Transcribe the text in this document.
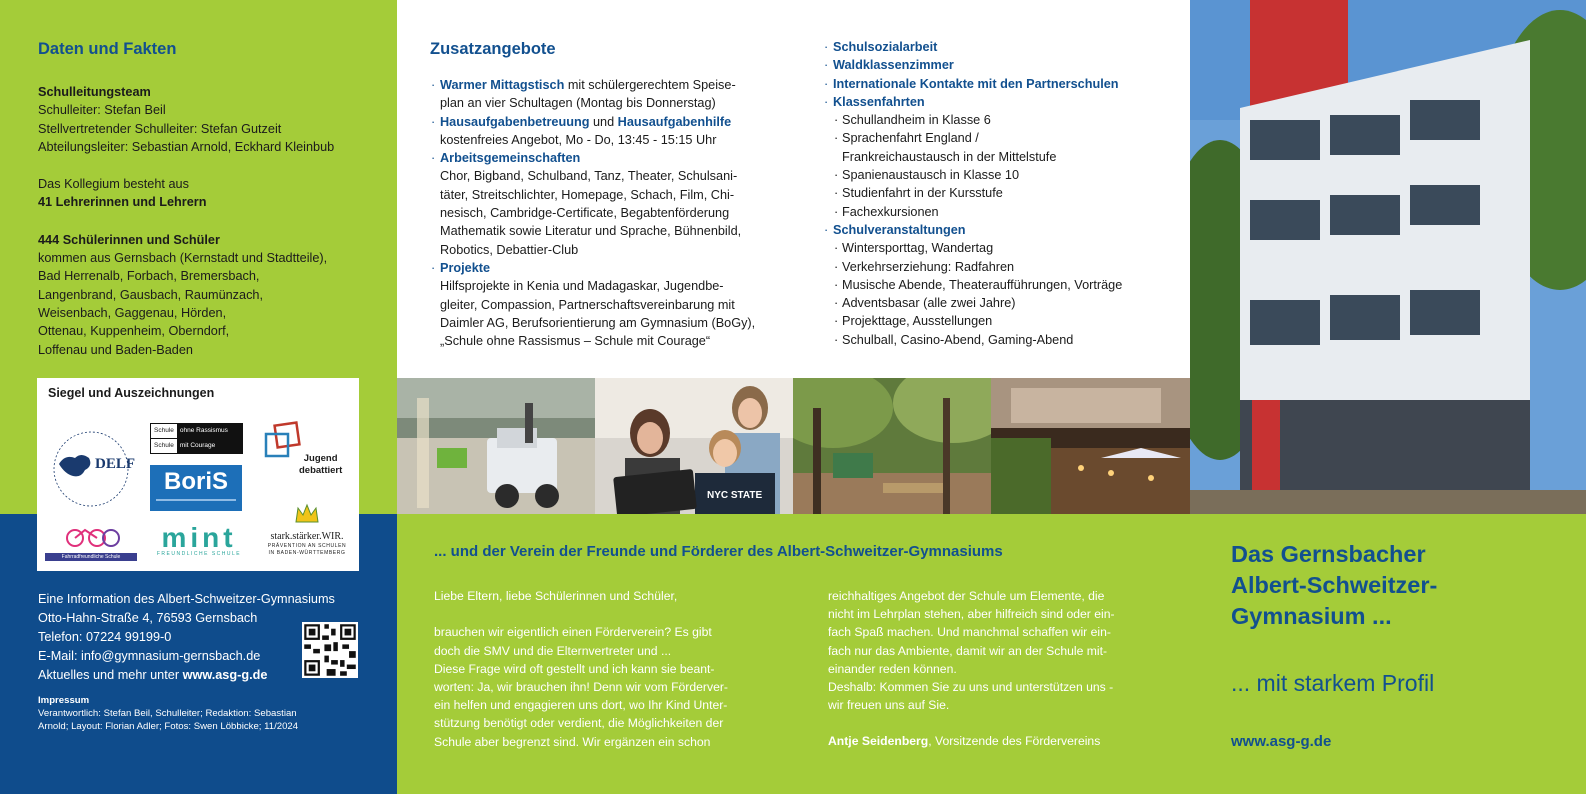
Daten und Fakten

Schulleitungsteam

Schulleiter: Stefan Beil

Stellvertretender Schulleiter: Stefan Gutzeit

Abteilungsleiter: Sebastian Arnold, Eckhard Kleinbub

Das Kollegium besteht aus

41 Lehrerinnen und Lehrern

444 Schülerinnen und Schüler

kommen aus Gernsbach (Kernstadt und Stadtteile),

Bad Herrenalb, Forbach, Bremersbach,

Langenbrand, Gausbach, Raumünzach,

Weisenbach, Gaggenau, Hörden,

Ottenau, Kuppenheim, Oberndorf,

Loffenau und Baden-Baden

Siegel und Auszeichnungen
DELF
Schule ohne Rassismus
Schule mit Courage
BoriS
Jugend
debattiert
Fahrradfreundliche Schule
mint
FREUNDLICHE SCHULE
stark.stärker.WIR.
PRÄVENTION AN SCHULEN
IN BADEN-WÜRTTEMBERG

Eine Information des Albert-Schweitzer-Gymnasiums

Otto-Hahn-Straße 4, 76593 Gernsbach

Telefon: 07224 99199-0

E-Mail: info@gymnasium-gernsbach.de

Aktuelles und mehr unter www.asg-g.de

Impressum
Verantwortlich: Stefan Beil, Schulleiter; Redaktion: Sebastian
Arnold; Layout: Florian Adler; Fotos: Swen Löbbicke; 11/2024
Zusatzangebote
· Warmer Mittagstisch mit schülergerechtem Speise-

plan an vier Schultagen (Montag bis Donnerstag)

· Hausaufgabenbetreuung und Hausaufgabenhilfe

kostenfreies Angebot, Mo - Do, 13:45 - 15:15 Uhr

· Arbeitsgemeinschaften

Chor, Bigband, Schulband, Tanz, Theater, Schulsani-

täter, Streitschlichter, Homepage, Schach, Film, Chi-

nesisch, Cambridge-Certificate, Begabtenförderung

Mathematik sowie Literatur und Sprache, Bühnenbild,

Robotics, Debattier-Club

· Projekte

Hilfsprojekte in Kenia und Madagaskar, Jugendbe-

gleiter, Compassion, Partnerschaftsvereinbarung mit

Daimler AG, Berufsorientierung am Gymnasium (BoGy),

„Schule ohne Rassismus – Schule mit Courage“

· Schulsozialarbeit

· Waldklassenzimmer

· Internationale Kontakte mit den Partnerschulen

· Klassenfahrten

· Schullandheim in Klasse 6

· Sprachenfahrt England /

Frankreichaustausch in der Mittelstufe

· Spanienaustausch in Klasse 10

· Studienfahrt in der Kursstufe

· Fachexkursionen

· Schulveranstaltungen

· Wintersporttag, Wandertag

· Verkehrserziehung: Radfahren

· Musische Abende, Theateraufführungen, Vorträge

· Adventsbasar (alle zwei Jahre)

· Projekttage, Ausstellungen

· Schulball, Casino-Abend, Gaming-Abend

NYC STATE
... und der Verein der Freunde und Förderer des Albert-Schweitzer-Gymnasiums

Liebe Eltern, liebe Schülerinnen und Schüler,

brauchen wir eigentlich einen Förderverein? Es gibt

doch die SMV und die Elternvertreter und ...

Diese Frage wird oft gestellt und ich kann sie beant-

worten: Ja, wir brauchen ihn! Denn wir vom Förderver-

ein helfen und engagieren uns dort, wo Ihr Kind Unter-

stützung benötigt oder verdient, die Möglichkeiten der

Schule aber begrenzt sind. Wir ergänzen ein schon

reichhaltiges Angebot der Schule um Elemente, die

nicht im Lehrplan stehen, aber hilfreich sind oder ein-

fach Spaß machen. Und manchmal schaffen wir ein-

fach nur das Ambiente, damit wir an der Schule mit-

einander reden können.

Deshalb: Kommen Sie zu uns und unterstützen uns -

wir freuen uns auf Sie.

Antje Seidenberg, Vorsitzende des Fördervereins

Das Gernsbacher
Albert-Schweitzer-
Gymnasium ...
... mit starkem Profil
www.asg-g.de
